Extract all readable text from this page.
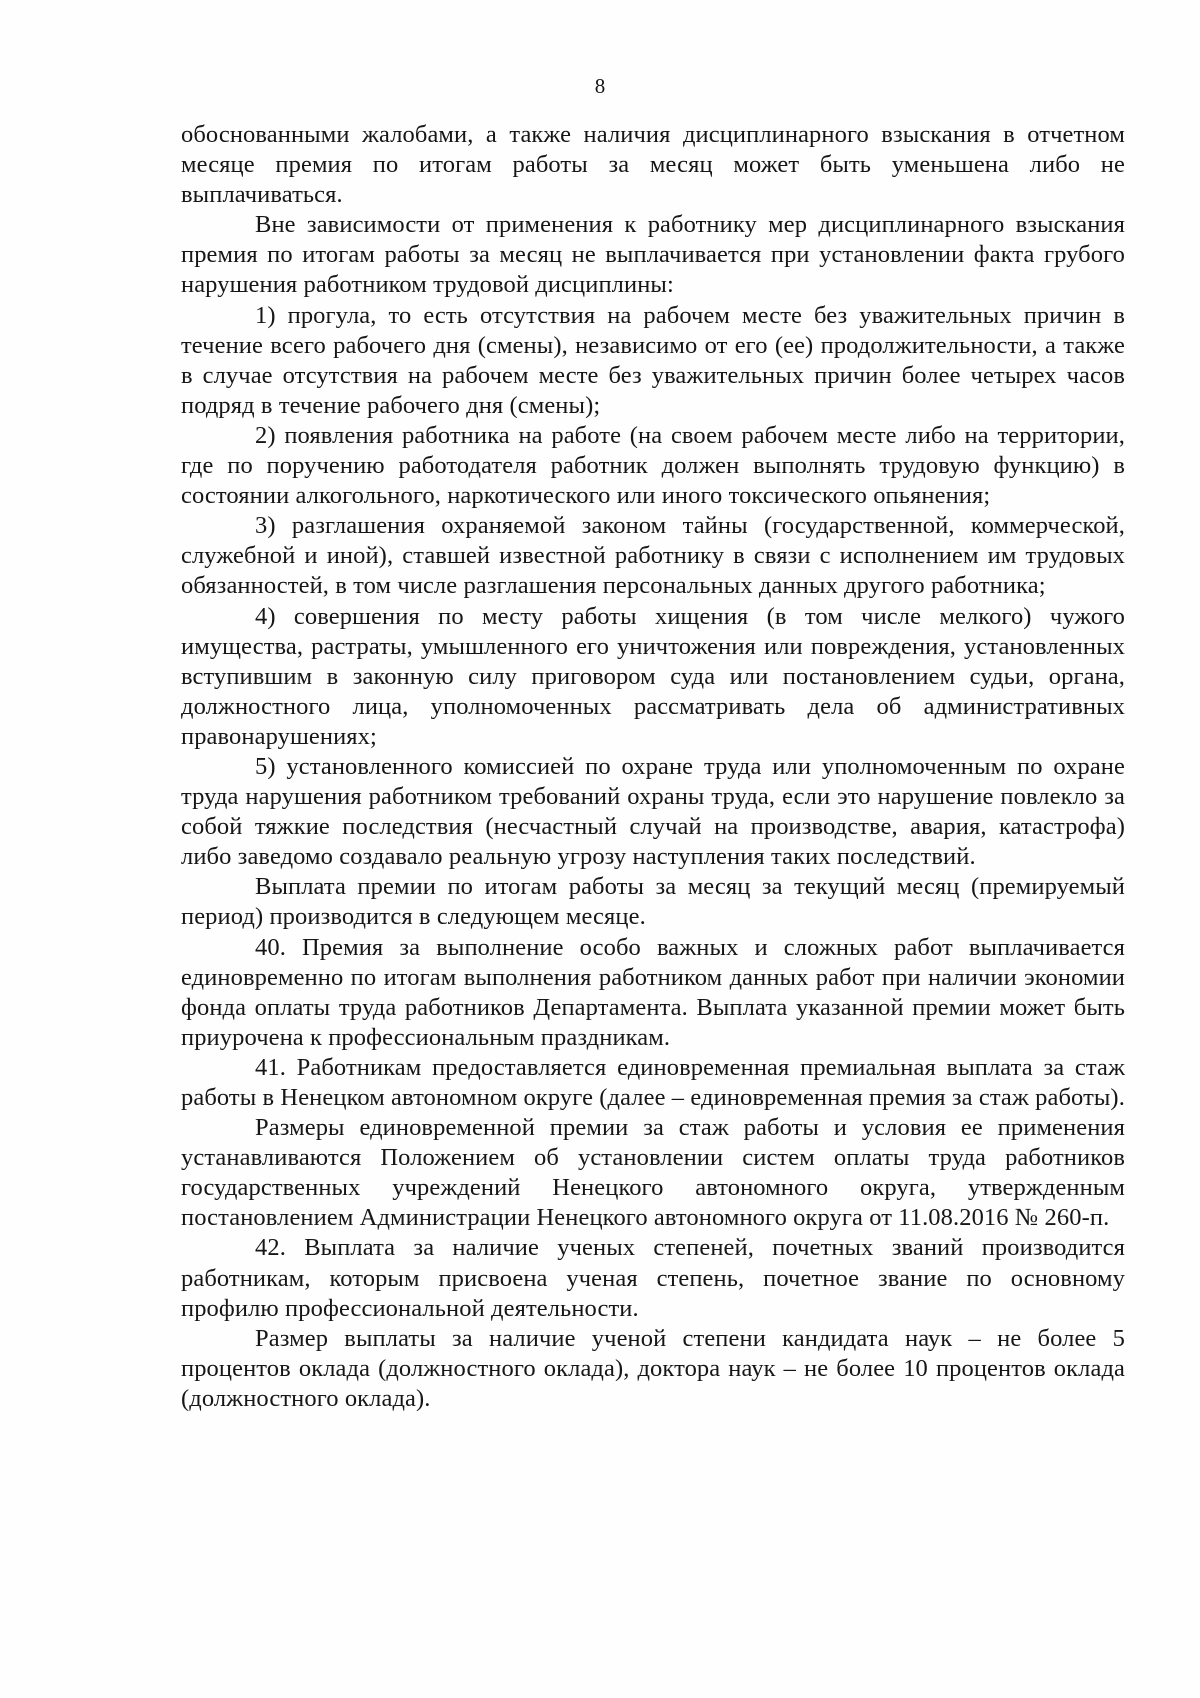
8

обоснованными жалобами, а также наличия дисциплинарного взыскания в отчетном месяце премия по итогам работы за месяц может быть уменьшена либо не выплачиваться.

Вне зависимости от применения к работнику мер дисциплинарного взыскания премия по итогам работы за месяц не выплачивается при установлении факта грубого нарушения работником трудовой дисциплины:

1) прогула, то есть отсутствия на рабочем месте без уважительных причин в течение всего рабочего дня (смены), независимо от его (ее) продолжительности, а также в случае отсутствия на рабочем месте без уважительных причин более четырех часов подряд в течение рабочего дня (смены);

2) появления работника на работе (на своем рабочем месте либо на территории, где по поручению работодателя работник должен выполнять трудовую функцию) в состоянии алкогольного, наркотического или иного токсического опьянения;

3) разглашения охраняемой законом тайны (государственной, коммерческой, служебной и иной), ставшей известной работнику в связи с исполнением им трудовых обязанностей, в том числе разглашения персональных данных другого работника;

4) совершения по месту работы хищения (в том числе мелкого) чужого имущества, растраты, умышленного его уничтожения или повреждения, установленных вступившим в законную силу приговором суда или постановлением судьи, органа, должностного лица, уполномоченных рассматривать дела об административных правонарушениях;

5) установленного комиссией по охране труда или уполномоченным по охране труда нарушения работником требований охраны труда, если это нарушение повлекло за собой тяжкие последствия (несчастный случай на производстве, авария, катастрофа) либо заведомо создавало реальную угрозу наступления таких последствий.

Выплата премии по итогам работы за месяц за текущий месяц (премируемый период) производится в следующем месяце.

40. Премия за выполнение особо важных и сложных работ выплачивается единовременно по итогам выполнения работником данных работ при наличии экономии фонда оплаты труда работников Департамента. Выплата указанной премии может быть приурочена к профессиональным праздникам.

41. Работникам предоставляется единовременная премиальная выплата за стаж работы в Ненецком автономном округе (далее – единовременная премия за стаж работы).

Размеры единовременной премии за стаж работы и условия ее применения устанавливаются Положением об установлении систем оплаты труда работников государственных учреждений Ненецкого автономного округа, утвержденным постановлением Администрации Ненецкого автономного округа от 11.08.2016 № 260-п.

42. Выплата за наличие ученых степеней, почетных званий производится работникам, которым присвоена ученая степень, почетное звание по основному профилю профессиональной деятельности.

Размер выплаты за наличие ученой степени кандидата наук – не более 5 процентов оклада (должностного оклада), доктора наук – не более 10 процентов оклада (должностного оклада).
